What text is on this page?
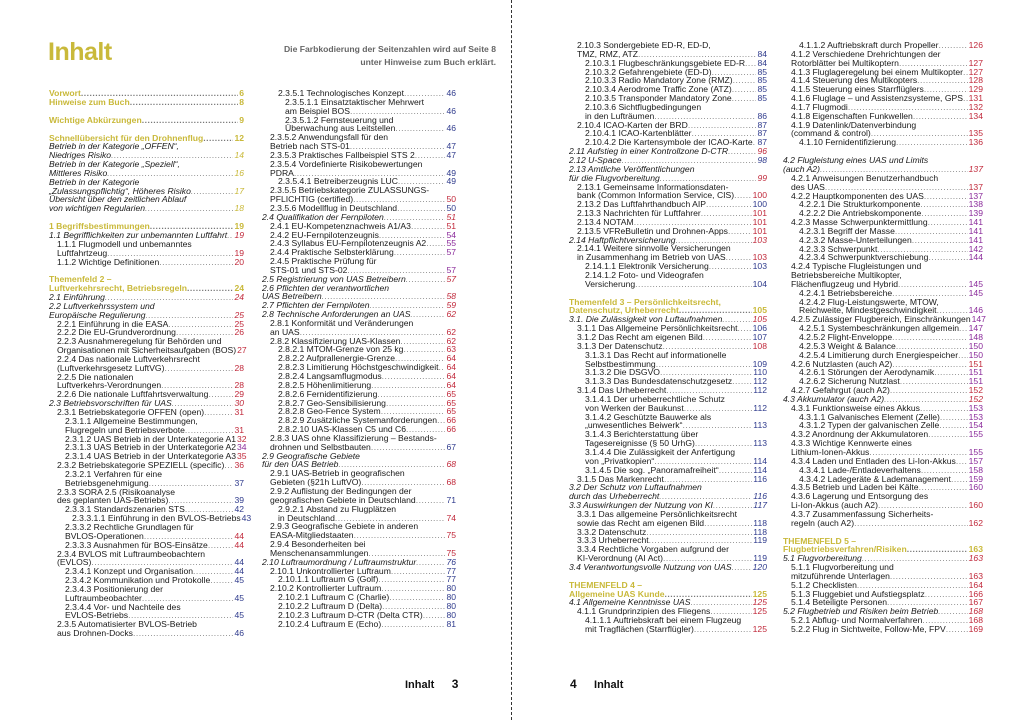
Inhalt
Vorwort .....	6
Hinweise zum Buch .....	8
Wichtige Abkürzungen .....	9
Schnellübersicht für den Drohnenflug .....	12
Betrieb in der Kategorie „OFFEN“,
Niedriges Risiko .....	14
Betrieb in der Kategorie „Speziell“,
Mittleres Risiko .....	16
Betrieb in der Kategorie
„Zulassungspflichtig“, Höheres Risiko .....	17
Übersicht über den zeitlichen Ablauf
von wichtigen Regularien .....	18
1 Begriffsbestimmungen .....	19
1.1 Begrifflichkeiten zur unbemannten Luftfahrt ..... 19
1.1.1 Flugmodell und unbemanntes
Luftfahrtzeug .....	19
1.1.2 Wichtige Definitionen .....	20
Themenfeld 2 –
Luftverkehrsrecht, Betriebsregeln .....	24
2.1 Einführung .....	24
2.2 Luftverkehrssystem und
Europäische Regulierung .....	25
2.2.1 Einführung in die EASA .....	25
2.2.2 Die EU-Grundverordnung .....	26
2.2.3 Ausnahmeregelung für Behörden und
Organisationen mit Sicherheitsaufgaben (BOS) 27
2.2.4 Das nationale Luftverkehrsrecht
(Luftverkehrsgesetz LuftVG) .....	28
2.2.5 Die nationalen
Luftverkehrs-Verordnungen .....	28
2.2.6 Die nationale Luftfahrtsverwaltung .....	29
2.3 Betriebsvorschriften für UAS .....	30
2.3.1 Betriebskategorie OFFEN (open) .....	31
2.3.1.1 Allgemeine Bestimmungen,
Flugregeln und Betriebsverbote .....	31
2.3.1.2 UAS Betrieb in der Unterkategorie A1 32
2.3.1.3 UAS Betrieb in der Unterkategorie A2 34
2.3.1.4 UAS Betrieb in der Unterkategorie A3 35
2.3.2 Betriebskategorie SPEZIELL (specific) ..... 36
2.3.2.1 Verfahren für eine
Betriebsgenehmigung .....	37
2.3.3 SORA 2.5 (Risikoanalyse
des geplanten UAS-Betriebs) .....	39
2.3.3.1 Standardszenarien STS .....	42
2.3.3.1.1 Einführung in den BVLOS-Betriebs 43
2.3.3.2 Rechtliche Grundlagen für
BVLOS-Operationen .....	44
2.3.3.3 Ausnahmen für BOS-Einsätze .....	44
2.3.4 BVLOS mit Luftraumbeobachtern
(EVLOS) .....	44
2.3.4.1 Konzept und Organisation .....	44
2.3.4.2 Kommunikation und Protokolle .....	45
2.3.4.3 Positionierung der
Luftraumbeobachter .....	45
2.3.4.4 Vor- und Nachteile des
EVLOS-Betriebs .....	45
2.3.5 Automatisierter BVLOS-Betrieb
aus Drohnen-Docks .....	46
Die Farbkodierung der Seitenzahlen wird auf Seite 8 unter Hinweise zum Buch erklärt.
2.3.5.1 Technologisches Konzept .....	46
2.3.5.1.1 Einsatztaktischer Mehrwert
am Beispiel BOS .....	46
2.3.5.1.2 Fernsteuerung und
Überwachung aus Leitstellen .....	46
2.3.5.2 Anwendungsfall für den
Betrieb nach STS-01 .....	47
2.3.5.3 Praktisches Fallbeispiel STS 2 .....	47
2.3.5.4 Vordefinierte Risikobewertungen
PDRA .....	49
2.3.5.4.1 Betreiberzeugnis LUC .....	49
2.3.5.5 Betriebskategorie ZULASSUNGS-
PFLICHTIG (certified) .....	50
2.3.5.6 Modellflug in Deutschland .....	50
2.4 Qualifikation der Fernpiloten .....	51
2.4.1 EU-Kompetenznachweis A1/A3 .....	51
2.4.2 EU-Fernpilotenzeugnis .....	54
2.4.3 Syllabus EU-Fernpilotenzeugnis A2 ..... 55
2.4.4 Praktische Selbsterklärung .....	57
2.4.5 Praktische Prüfung für
STS-01 und STS-02 .....	57
2.5 Registrierung von UAS Betreibern .....	57
2.6 Pflichten der verantwortlichen
UAS Betreibern .....	58
2.7 Pflichten der Fernpiloten .....	59
2.8 Technische Anforderungen an UAS .....	62
2.8.1 Konformität und Veränderungen
an UAS .....	62
2.8.2 Klassifizierung UAS-Klassen .....	62
2.8.2.1 MTOM-Grenze von 25 kg .....	63
2.8.2.2 Aufprallenergie-Grenze .....	64
2.8.2.3 Limitierung Höchstgeschwindigkeit ..... 64
2.8.2.4 Langsamflugmodus .....	64
2.8.2.5 Höhenlimitierung .....	64
2.8.2.6 Fernidentifizierung .....	65
2.8.2.7 Geo-Sensibilisierung .....	65
2.8.2.8 Geo-Fence System .....	65
2.8.2.9 Zusätzliche Systemanforderungen ..... 66
2.8.2.10 UAS-Klassen C5 und C6 .....	66
2.8.3 UAS ohne Klassifizierung – Bestands-
drohnen und Selbstbauten .....	67
2.9 Geografische Gebiete
für den UAS Betrieb .....	68
2.9.1 UAS-Betrieb in geografischen
Gebieten (§21h LuftVO) .....	68
2.9.2 Auflistung der Bedingungen der
geografischen Gebiete in Deutschland .....	71
2.9.2.1 Abstand zu Flugplätzen
in Deutschland .....	74
2.9.3 Geografische Gebiete in anderen
EASA-Mitgliedstaaten .....	75
2.9.4 Besonderheiten bei
Menschenansammlungen .....	75
2.10 Luftraumordnung / Luftraumstruktur .....	76
2.10.1 Unkontrollierter Luftraum .....	77
2.10.1.1 Luftraum G (Golf) .....	77
2.10.2 Kontrollierter Luftraum .....	80
2.10.2.1 Luftraum C (Charlie) .....	80
2.10.2.2 Luftraum D (Delta) .....	80
2.10.2.3 Luftraum D-CTR (Delta CTR) .....	80
2.10.2.4 Luftraum E (Echo) .....	81
Inhalt 3
2.10.3 Sondergebiete ED-R, ED-D,
TMZ, RMZ, ATZ .....	84
2.10.3.1 Flugbeschränkungsgebiete ED-R ..... 84
2.10.3.2 Gefahrengebiete (ED-D) .....	85
2.10.3.3 Radio Mandatory Zone (RMZ) .....	85
2.10.3.4 Aerodrome Traffic Zone (ATZ) .....	85
2.10.3.5 Transponder Mandatory Zone .....	85
2.10.3.6 Sichtflugbedingungen
in den Lufträumen .....	86
2.10.4 ICAO-Karten der BRD .....	87
2.10.4.1 ICAO-Kartenblätter .....	87
2.10.4.2 Die Kartensymbole der ICAO-Karte ..... 87
2.11 Aufstieg in einer Kontrollzone D-CTR .....	96
2.12 U-Space .....	98
2.13 Amtliche Veröffentlichungen
für die Flugvorbereitung .....	99
2.13.1 Gemeinsame Informationsdaten-
bank (Common Information Service, CIS) ..... 100
2.13.2 Das Luftfahrthandbuch AIP .....	100
2.13.3 Nachrichten für Luftfahrer .....	101
2.13.4 NOTAM .....	101
2.13.5 VFReBulletin und Drohnen-Apps .....	101
2.14 Haftpflichtversicherung .....	103
2.14.1 Weitere sinnvolle Versicherungen
in Zusammenhang im Betrieb von UAS .....	103
2.14.1.1 Elektronik Versicherung .....	103
2.14.1.2 Foto- und Videografen
Versicherung .....	104
Themenfeld 3 – Persönlichkeitsrecht,
Datenschutz, Urheberrecht .....	105
3.1. Die Zulässigkeit von Luftaufnahmen .....	105
3.1.1 Das Allgemeine Persönlichkeitsrecht ..... 106
3.1.2 Das Recht am eigenen Bild .....	107
3.1.3 Der Datenschutz .....	108
3.1.3.1 Das Recht auf informationelle
Selbstbestimmung .....	109
3.1.3.2 Die DSGVO .....	110
3.1.3.3 Das Bundesdatenschutzgesetz ..... 112
3.1.4 Das Urheberrecht .....	112
3.1.4.1 Der urheberrechtliche Schutz
von Werken der Baukunst .....	112
3.1.4.2 Geschützte Bauwerke als
„unwesentliches Beiwerk“ .....	113
3.1.4.3 Berichterstattung über
Tagesereignisse (§ 50 UrhG) .....	113
3.1.4.4 Die Zulässigkeit der Anfertigung
von „Privatkopien“ .....	114
3.1.4.5 Die sog. „Panoramafreiheit“ .....	114
3.1.5 Das Markenrecht .....	116
3.2 Der Schutz von Luftaufnahmen
durch das Urheberrecht .....	116
3.3 Auswirkungen der Nutzung von KI .....	117
3.3.1 Das allgemeine Persönlichkeitsrecht
sowie das Recht am eigenen Bild .....	118
3.3.2 Datenschutz .....	118
3.3.3 Urheberrecht .....	119
3.3.4 Rechtliche Vorgaben aufgrund der
KI-Verordnung (AI Act) .....	119
3.4 Verantwortungsvolle Nutzung von UAS ..... 120
THEMENFELD 4 –
Allgemeine UAS Kunde .....	125
4.1 Allgemeine Kenntnisse UAS .....	125
4.1.1 Grundprinzipien des Fliegens .....	125
4.1.1.1 Auftriebskraft bei einem Flugzeug
mit Tragflächen (Starrflügler) .....	125
4.1.1.2 Auftriebskraft durch Propeller .....	126
4.1.2 Verschiedene Drehrichtungen der
Rotorblätter bei Multikoptern .....	127
4.1.3 Fluglageregelung bei einem Multikopter ..... 127
4.1.4 Steuerung des Multikopters .....	128
4.1.5 Steuerung eines Starrflüglers .....	129
4.1.6 Fluglage – und Assistenzsysteme, GPS ..... 131
4.1.7 Flugmodi .....	132
4.1.8 Eigenschaften Funkwellen .....	134
4.1.9 Datenlink/Datenverbindung
(command & control) .....	135
4.1.10 Fernidentifizierung .....	136
4.2 Flugleistung eines UAS und Limits
(auch A2) .....	137
4.2.1 Anweisungen Benutzerhandbuch
des UAS .....	137
4.2.2 Hauptkomponenten des UAS .....	137
4.2.2.1 Die Strukturkomponente .....	138
4.2.2.2 Die Antriebskomponente .....	139
4.2.3 Masse Schwerpunktermittlung .....	141
4.2.3.1 Begriff der Masse .....	141
4.2.3.2 Masse-Unterteilungen .....	141
4.2.3.3 Schwerpunkt .....	142
4.2.3.4 Schwerpunktverschiebung .....	144
4.2.4 Typische Flugleistungen und
Betriebsbereiche Multikopter,
Flächenflugzeug und Hybrid .....	145
4.2.4.1 Betriebsbereiche .....	145
4.2.4.2 Flug-Leistungswerte, MTOW,
Reichweite, Mindestgeschwindigkeit .....	146
4.2.5 Zulässiger Flugbereich, Einschränkungen 147
4.2.5.1 Systembeschränkungen allgemein ..... 147
4.2.5.2 Flight-Enveloppe .....	148
4.2.5.3 Weight & Balance .....	150
4.2.5.4 Limitierung durch Energiespeicher ..... 150
4.2.6 Nutzlasten (auch A2) .....	151
4.2.6.1 Störungen der Aerodynamik .....	151
4.2.6.2 Sicherung Nutzlast .....	151
4.2.7 Gefahrgut (auch A2) .....	152
4.3 Akkumulator (auch A2) .....	152
4.3.1 Funktionsweise eines Akkus .....	153
4.3.1.1 Galvanisches Element (Zelle) .....	153
4.3.1.2 Typen der galvanischen Zelle .....	154
4.3.2 Anordnung der Akkumulatoren .....	155
4.3.3 Wichtige Kennwerte eines
Lithium-Ionen-Akkus .....	155
4.3.4 Laden und Entladen des Li-Ion-Akkus ..... 157
4.3.4.1 Lade-/Entladeverhaltens .....	158
4.3.4.2 Ladegeräte & Lademanagement ..... 159
4.3.5 Betrieb und Laden bei Kälte .....	160
4.3.6 Lagerung und Entsorgung des
Li-Ion-Akkus (auch A2) .....	160
4.3.7 Zusammenfassung Sicherheits-
regeln (auch A2) .....	162
THEMENFELD 5 –
Flugbetriebsverfahren/Risiken .....	163
5.1 Flugvorbereitung .....	163
5.1.1 Flugvorbereitung und
mitzuführende Unterlagen .....	163
5.1.2 Checklisten .....	164
5.1.3 Fluggebiet und Aufstiegsplatz .....	166
5.1.4 Beteiligte Personen .....	167
5.2 Flugbetrieb und Risiken beim Betrieb .....	168
5.2.1 Abflug- und Normalverfahren .....	168
5.2.2 Flug in Sichtweite, Follow-Me, FPV .....	169
4 Inhalt
